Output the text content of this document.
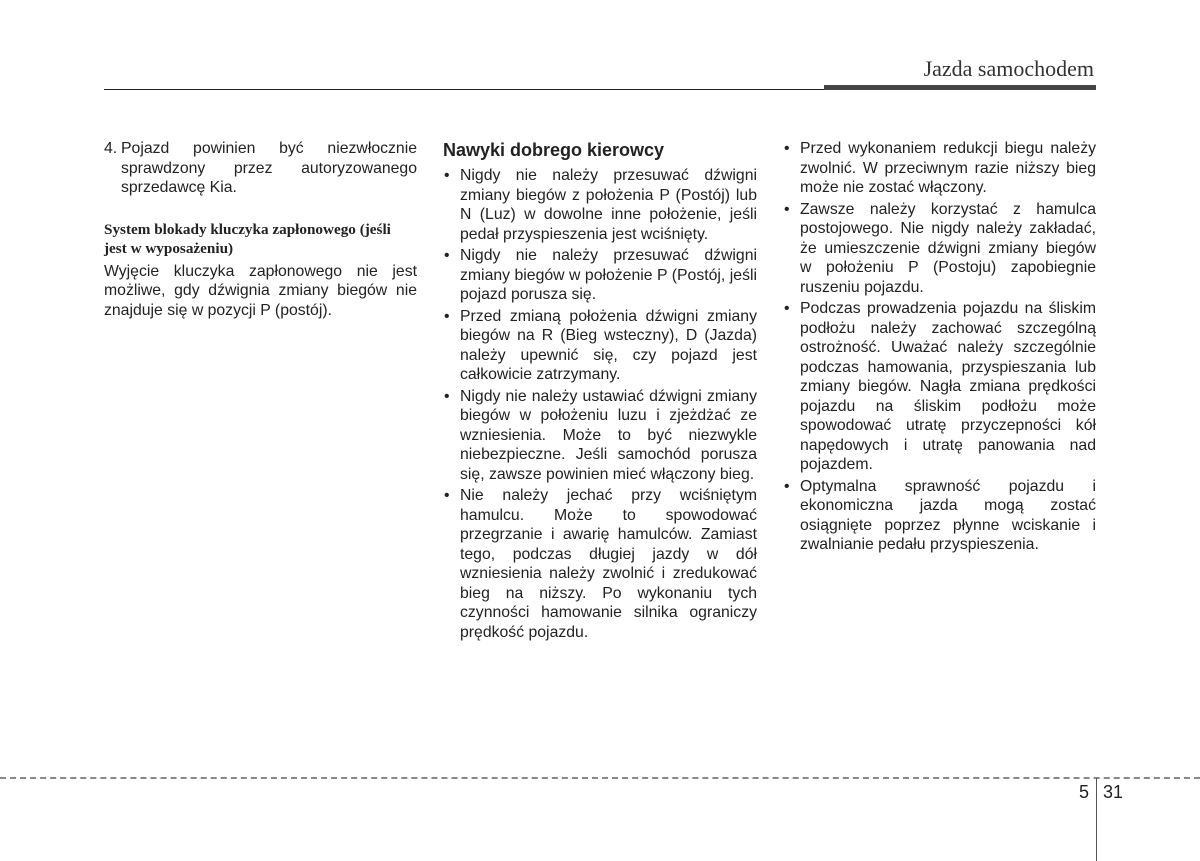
Jazda samochodem
4. Pojazd powinien być niezwłocznie sprawdzony przez autoryzowanego sprzedawcę Kia.
System blokady kluczyka zapłonowego (jeśli jest w wyposażeniu)

Wyjęcie kluczyka zapłonowego nie jest możliwe, gdy dźwignia zmiany biegów nie znajduje się w pozycji P (postój).

Nawyki dobrego kierowcy
• Nigdy nie należy przesuwać dźwigni zmiany biegów z położenia P (Postój) lub N (Luz) w dowolne inne położenie, jeśli pedał przyspieszenia jest wciśnięty.
• Nigdy nie należy przesuwać dźwigni zmiany biegów w położenie P (Postój, jeśli pojazd porusza się.
• Przed zmianą położenia dźwigni zmiany biegów na R (Bieg wsteczny), D (Jazda) należy upewnić się, czy pojazd jest całkowicie zatrzymany.
• Nigdy nie należy ustawiać dźwigni zmiany biegów w położeniu luzu i zjeżdżać ze wzniesienia. Może to być niezwykle niebezpieczne. Jeśli samochód porusza się, zawsze powinien mieć włączony bieg.
• Nie należy jechać przy wciśniętym hamulcu. Może to spowodować przegrzanie i awarię hamulców. Zamiast tego, podczas długiej jazdy w dół wzniesienia należy zwolnić i zredukować bieg na niższy. Po wykonaniu tych czynności hamowanie silnika ograniczy prędkość pojazdu.
• Przed wykonaniem redukcji biegu należy zwolnić. W przeciwnym razie niższy bieg może nie zostać włączony.
• Zawsze należy korzystać z hamulca postojowego. Nie nigdy należy zakładać, że umieszczenie dźwigni zmiany biegów w położeniu P (Postoju) zapobiegnie ruszeniu pojazdu.
• Podczas prowadzenia pojazdu na śliskim podłożu należy zachować szczególną ostrożność. Uważać należy szczególnie podczas hamowania, przyspieszania lub zmiany biegów. Nagła zmiana prędkości pojazdu na śliskim podłożu może spowodować utratę przyczepności kół napędowych i utratę panowania nad pojazdem.
• Optymalna sprawność pojazdu i ekonomiczna jazda mogą zostać osiągnięte poprzez płynne wciskanie i zwalnianie pedału przyspieszenia.
5 31
